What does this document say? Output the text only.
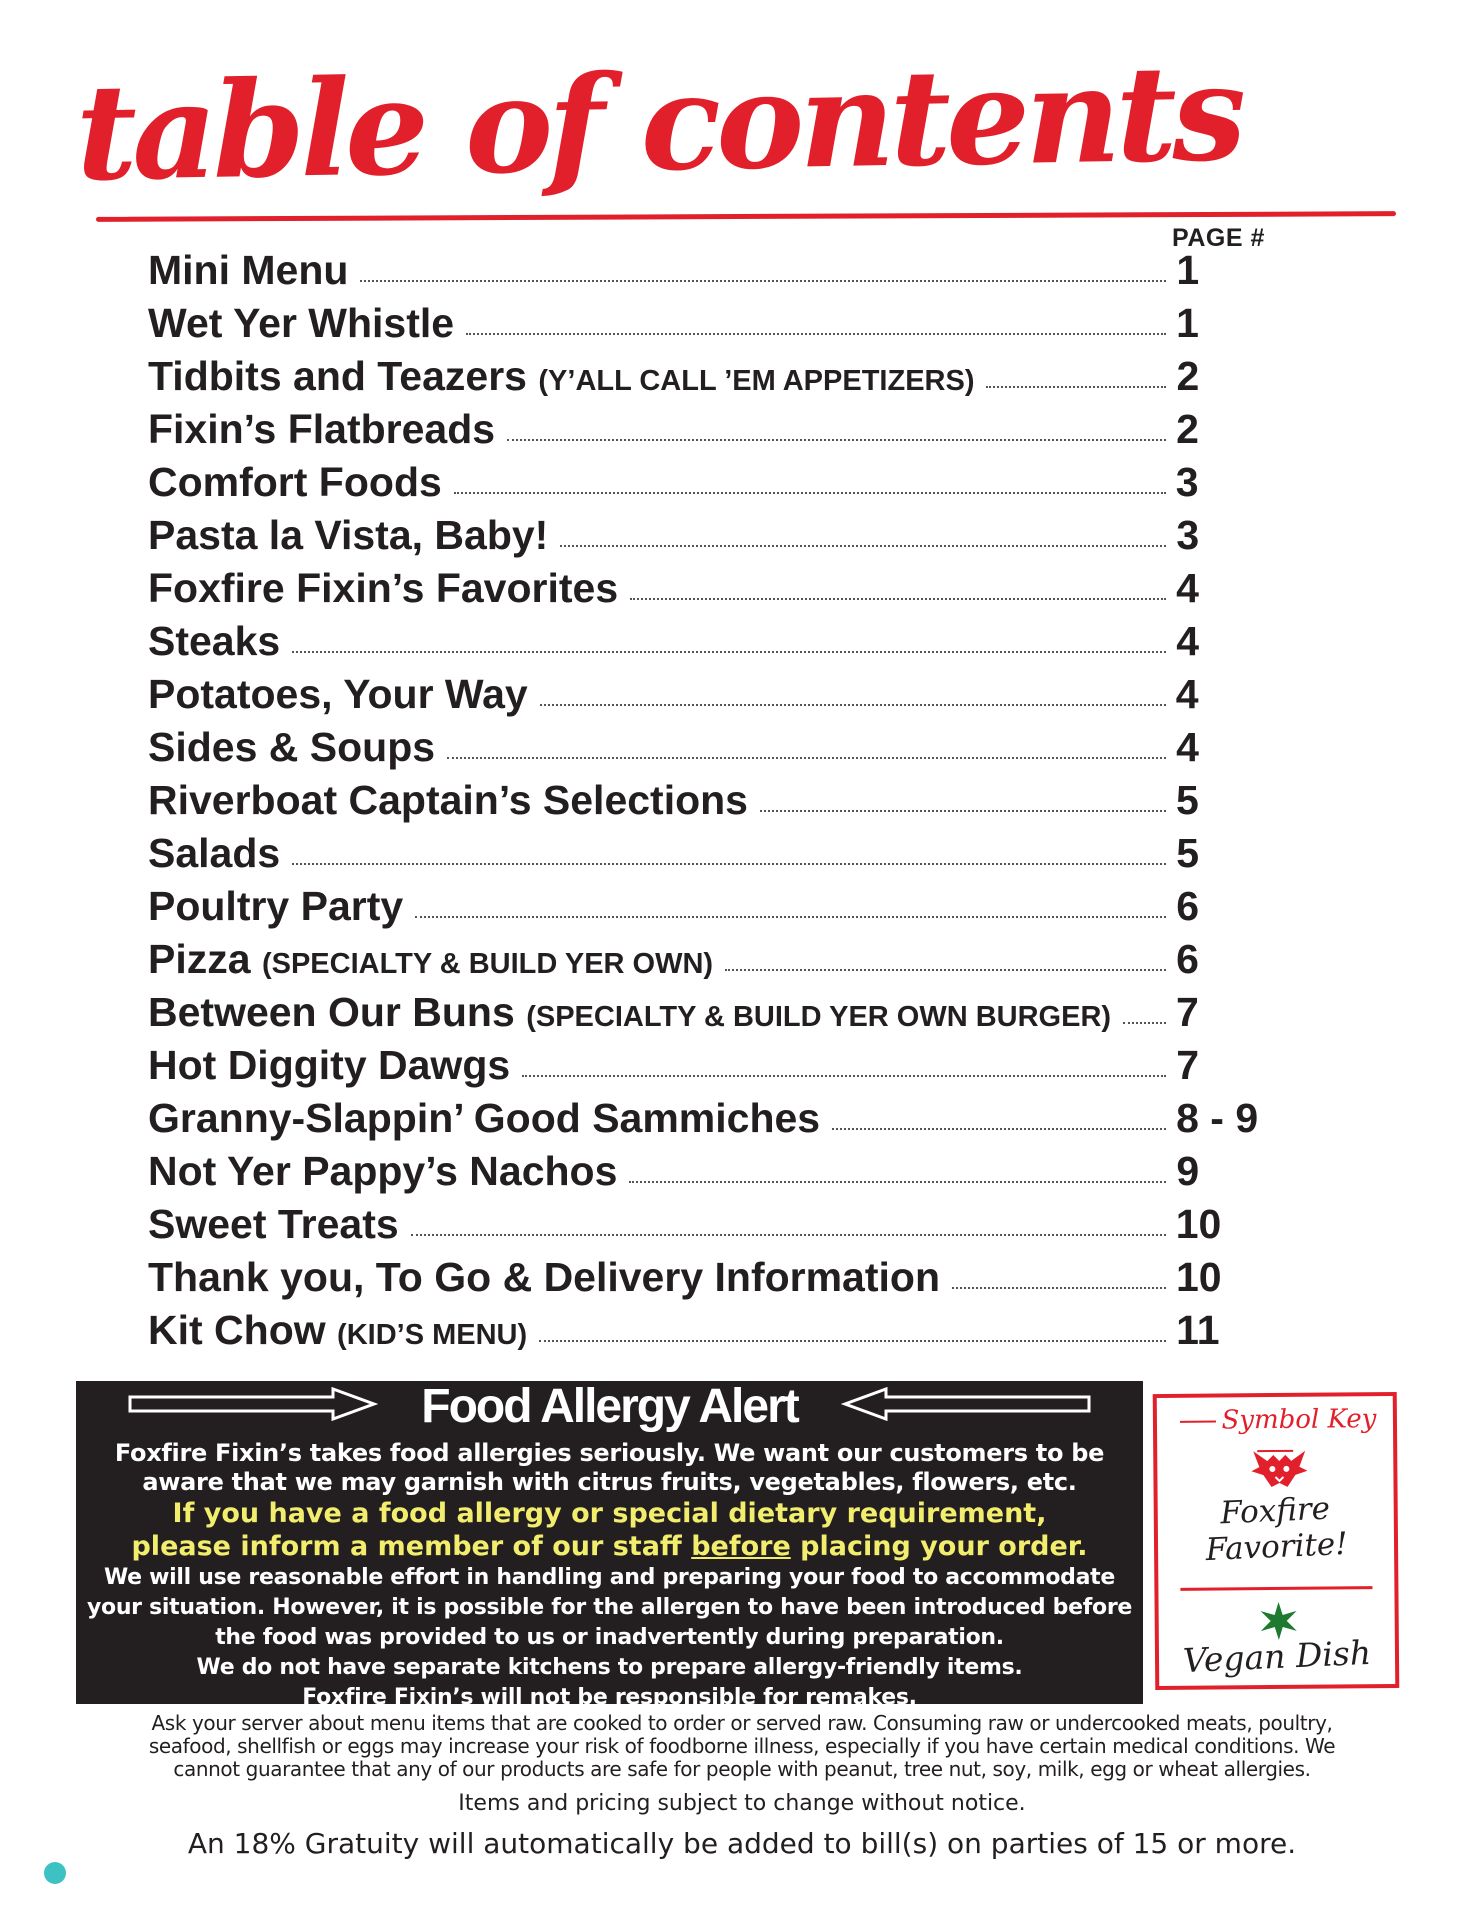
table of contents
PAGE #
Mini Menu	1
Wet Yer Whistle	1
Tidbits and Teazers (Y’ALL CALL ’EM APPETIZERS)	2
Fixin’s Flatbreads	2
Comfort Foods	3
Pasta la Vista, Baby!	3
Foxfire Fixin’s Favorites	4
Steaks	4
Potatoes, Your Way	4
Sides & Soups	4
Riverboat Captain’s Selections	5
Salads	5
Poultry Party	6
Pizza (SPECIALTY & BUILD YER OWN)	6
Between Our Buns (SPECIALTY & BUILD YER OWN BURGER) 7
Hot Diggity Dawgs	7
Granny-Slappin’ Good Sammiches	8 - 9
Not Yer Pappy’s Nachos	9
Sweet Treats	10
Thank you, To Go & Delivery Information	10
Kit Chow (KID’S MENU)	11
Food Allergy Alert
Foxfire Fixin’s takes food allergies seriously. We want our customers to be
aware that we may garnish with citrus fruits, vegetables, flowers, etc.
If you have a food allergy or special dietary requirement,
please inform a member of our staff before placing your order.
We will use reasonable effort in handling and preparing your food to accommodate
your situation. However, it is possible for the allergen to have been introduced before
the food was provided to us or inadvertently during preparation.
We do not have separate kitchens to prepare allergy-friendly items.
Foxfire Fixin’s will not be responsible for remakes.
Symbol Key
Foxfire
Favorite!
Vegan Dish
Ask your server about menu items that are cooked to order or served raw. Consuming raw or undercooked meats, poultry,
seafood, shellfish or eggs may increase your risk of foodborne illness, especially if you have certain medical conditions. We
cannot guarantee that any of our products are safe for people with peanut, tree nut, soy, milk, egg or wheat allergies.
Items and pricing subject to change without notice.
An 18% Gratuity will automatically be added to bill(s) on parties of 15 or more.
